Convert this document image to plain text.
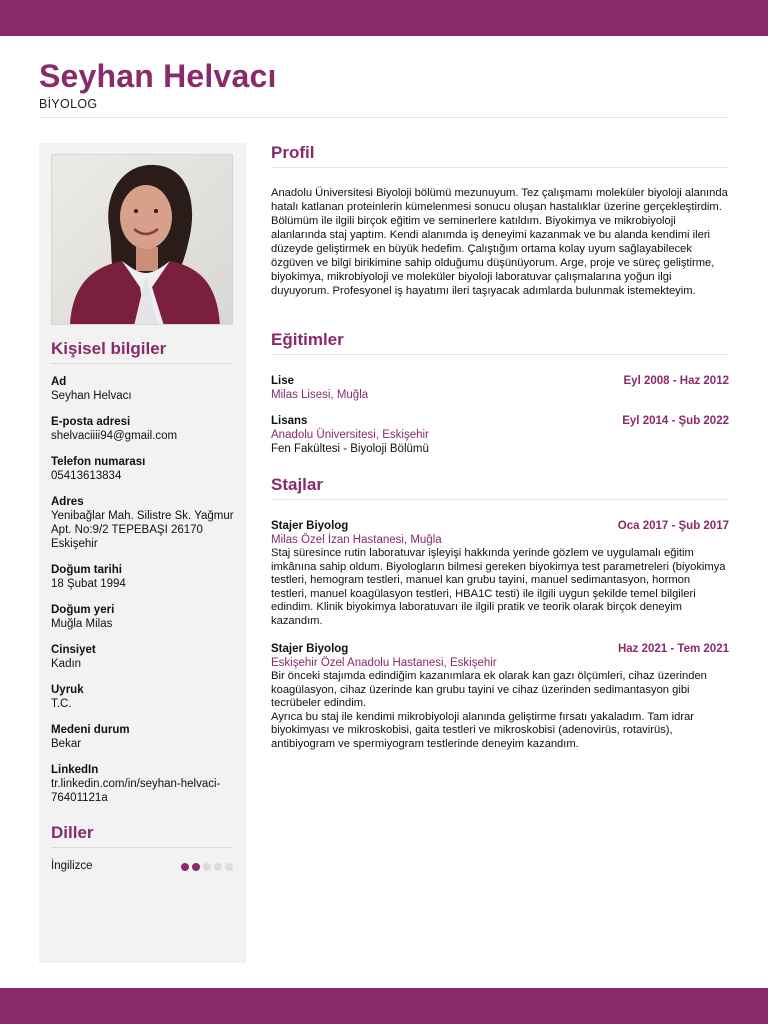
Seyhan Helvacı
BİYOLOG
Kişisel bilgiler
Ad
Seyhan Helvacı
E-posta adresi
shelvaciiii94@gmail.com
Telefon numarası
05413613834
Adres
Yenibağlar Mah. Silistre Sk. Yağmur Apt. No:9/2 TEPEBAŞI 26170 Eskişehir
Doğum tarihi
18 Şubat 1994
Doğum yeri
Muğla Milas
Cinsiyet
Kadın
Uyruk
T.C.
Medeni durum
Bekar
LinkedIn
tr.linkedin.com/in/seyhan-helvaci-76401121a
Diller
İngilizce
Profil

Anadolu Üniversitesi Biyoloji bölümü mezunuyum. Tez çalışmamı moleküler biyoloji alanında hatalı katlanan proteinlerin kümelenmesi sonucu oluşan hastalıklar üzerine gerçekleştirdim. Bölümüm ile ilgili birçok eğitim ve seminerlere katıldım. Biyokimya ve mikrobiyoloji alanlarında staj yaptım. Kendi alanımda iş deneyimi kazanmak ve bu alanda kendimi ileri düzeyde geliştirmek en büyük hedefim. Çalıştığım ortama kolay uyum sağlayabilecek özgüven ve bilgi birikimine sahip olduğumu düşünüyorum. Arge, proje ve süreç geliştirme, biyokimya, mikrobiyoloji ve moleküler biyoloji laboratuvar çalışmalarına yoğun ilgi duyuyorum. Profesyonel iş hayatımı ileri taşıyacak adımlarda bulunmak istemekteyim.

Eğitimler
Lise	Eyl 2008 - Haz 2012
Milas Lisesi, Muğla
Lisans	Eyl 2014 - Şub 2022
Anadolu Üniversitesi, Eskişehir
Fen Fakültesi - Biyoloji Bölümü
Stajlar
Stajer Biyolog	Oca 2017 - Şub 2017
Milas Özel İzan Hastanesi, Muğla

Staj süresince rutin laboratuvar işleyişi hakkında yerinde gözlem ve uygulamalı eğitim imkânına sahip oldum. Biyologların bilmesi gereken biyokimya test parametreleri (biyokimya testleri, hemogram testleri, manuel kan grubu tayini, manuel sedimantasyon, hormon testleri, manuel koagülasyon testleri, HBA1C testi) ile ilgili uygun şekilde temel bilgileri edindim. Klinik biyokimya laboratuvarı ile ilgili pratik ve teorik olarak birçok deneyim kazandım.

Stajer Biyolog	Haz 2021 - Tem 2021
Eskişehir Özel Anadolu Hastanesi, Eskişehir

Bir önceki stajımda edindiğim kazanımlara ek olarak kan gazı ölçümleri, cihaz üzerinden koagülasyon, cihaz üzerinde kan grubu tayini ve cihaz üzerinden sedimantasyon gibi tecrübeler edindim.

Ayrıca bu staj ile kendimi mikrobiyoloji alanında geliştirme fırsatı yakaladım. Tam idrar biyokimyası ve mikroskobisi, gaita testleri ve mikroskobisi (adenovirüs, rotavirüs), antibiyogram ve spermiyogram testlerinde deneyim kazandım.
